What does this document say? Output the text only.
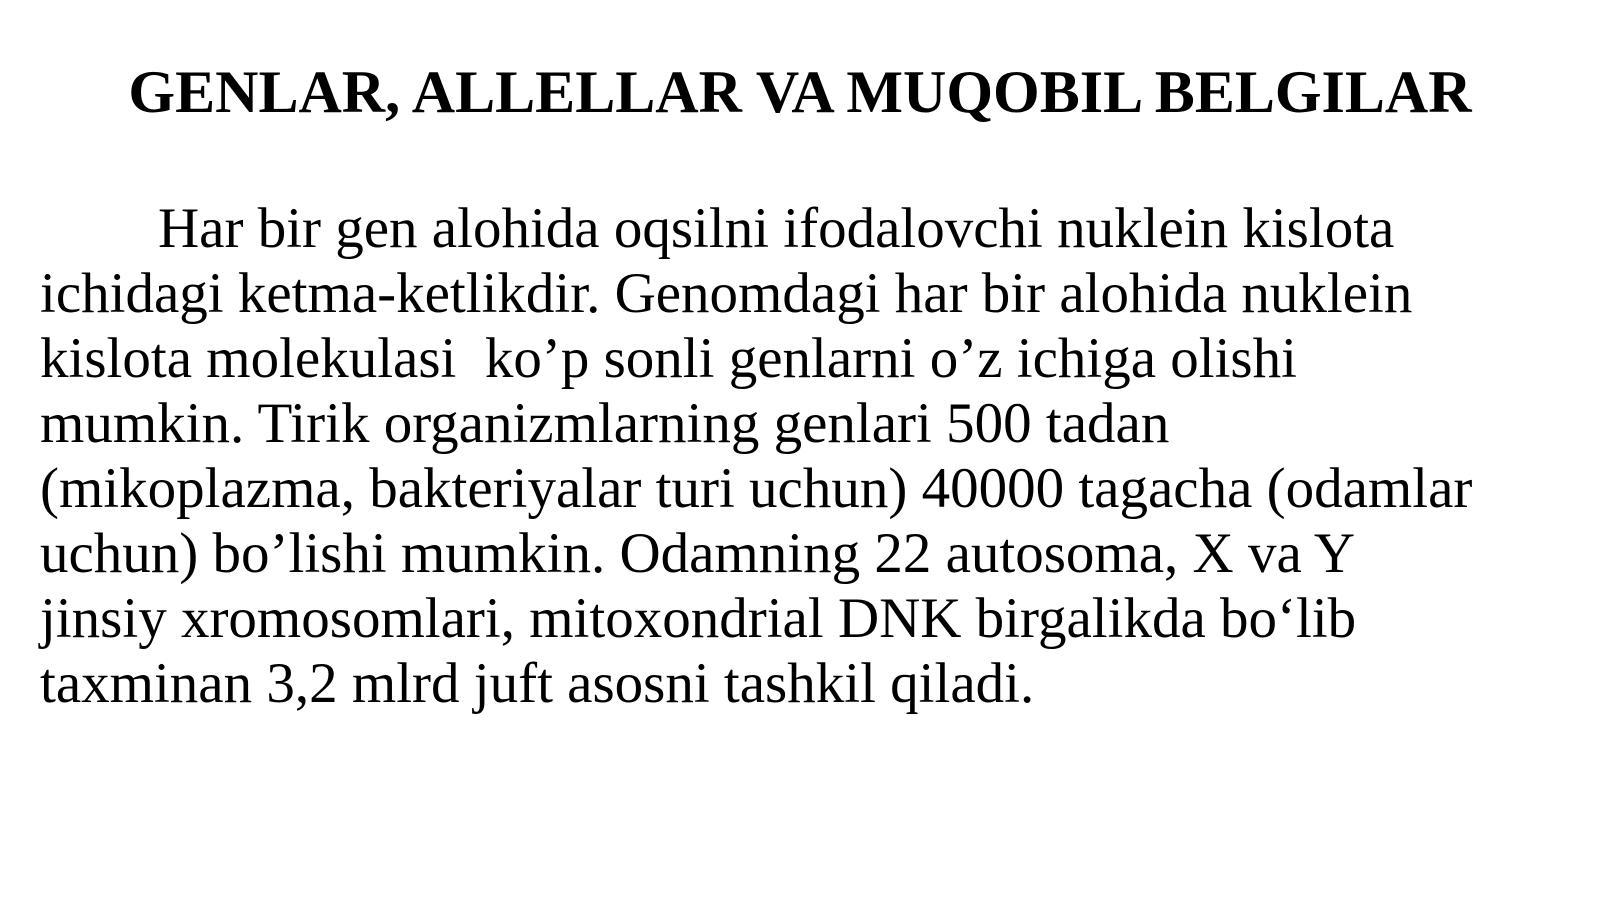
GENLAR, ALLELLAR VA MUQOBIL BELGILAR
Har bir gen alohida oqsilni ifodalovchi nuklein kislota
ichidagi ketma-ketlikdir. Genomdagi har bir alohida nuklein
kislota molekulasi  ko’p sonli genlarni o’z ichiga olishi
mumkin. Tirik organizmlarning genlari 500 tadan
(mikoplazma, bakteriyalar turi uchun) 40000 tagacha (odamlar
uchun) bo’lishi mumkin. Odamning 22 autosoma, X va Y
jinsiy xromosomlari, mitoxondrial DNK birgalikda bo‘lib
taxminan 3,2 mlrd juft asosni tashkil qiladi.
